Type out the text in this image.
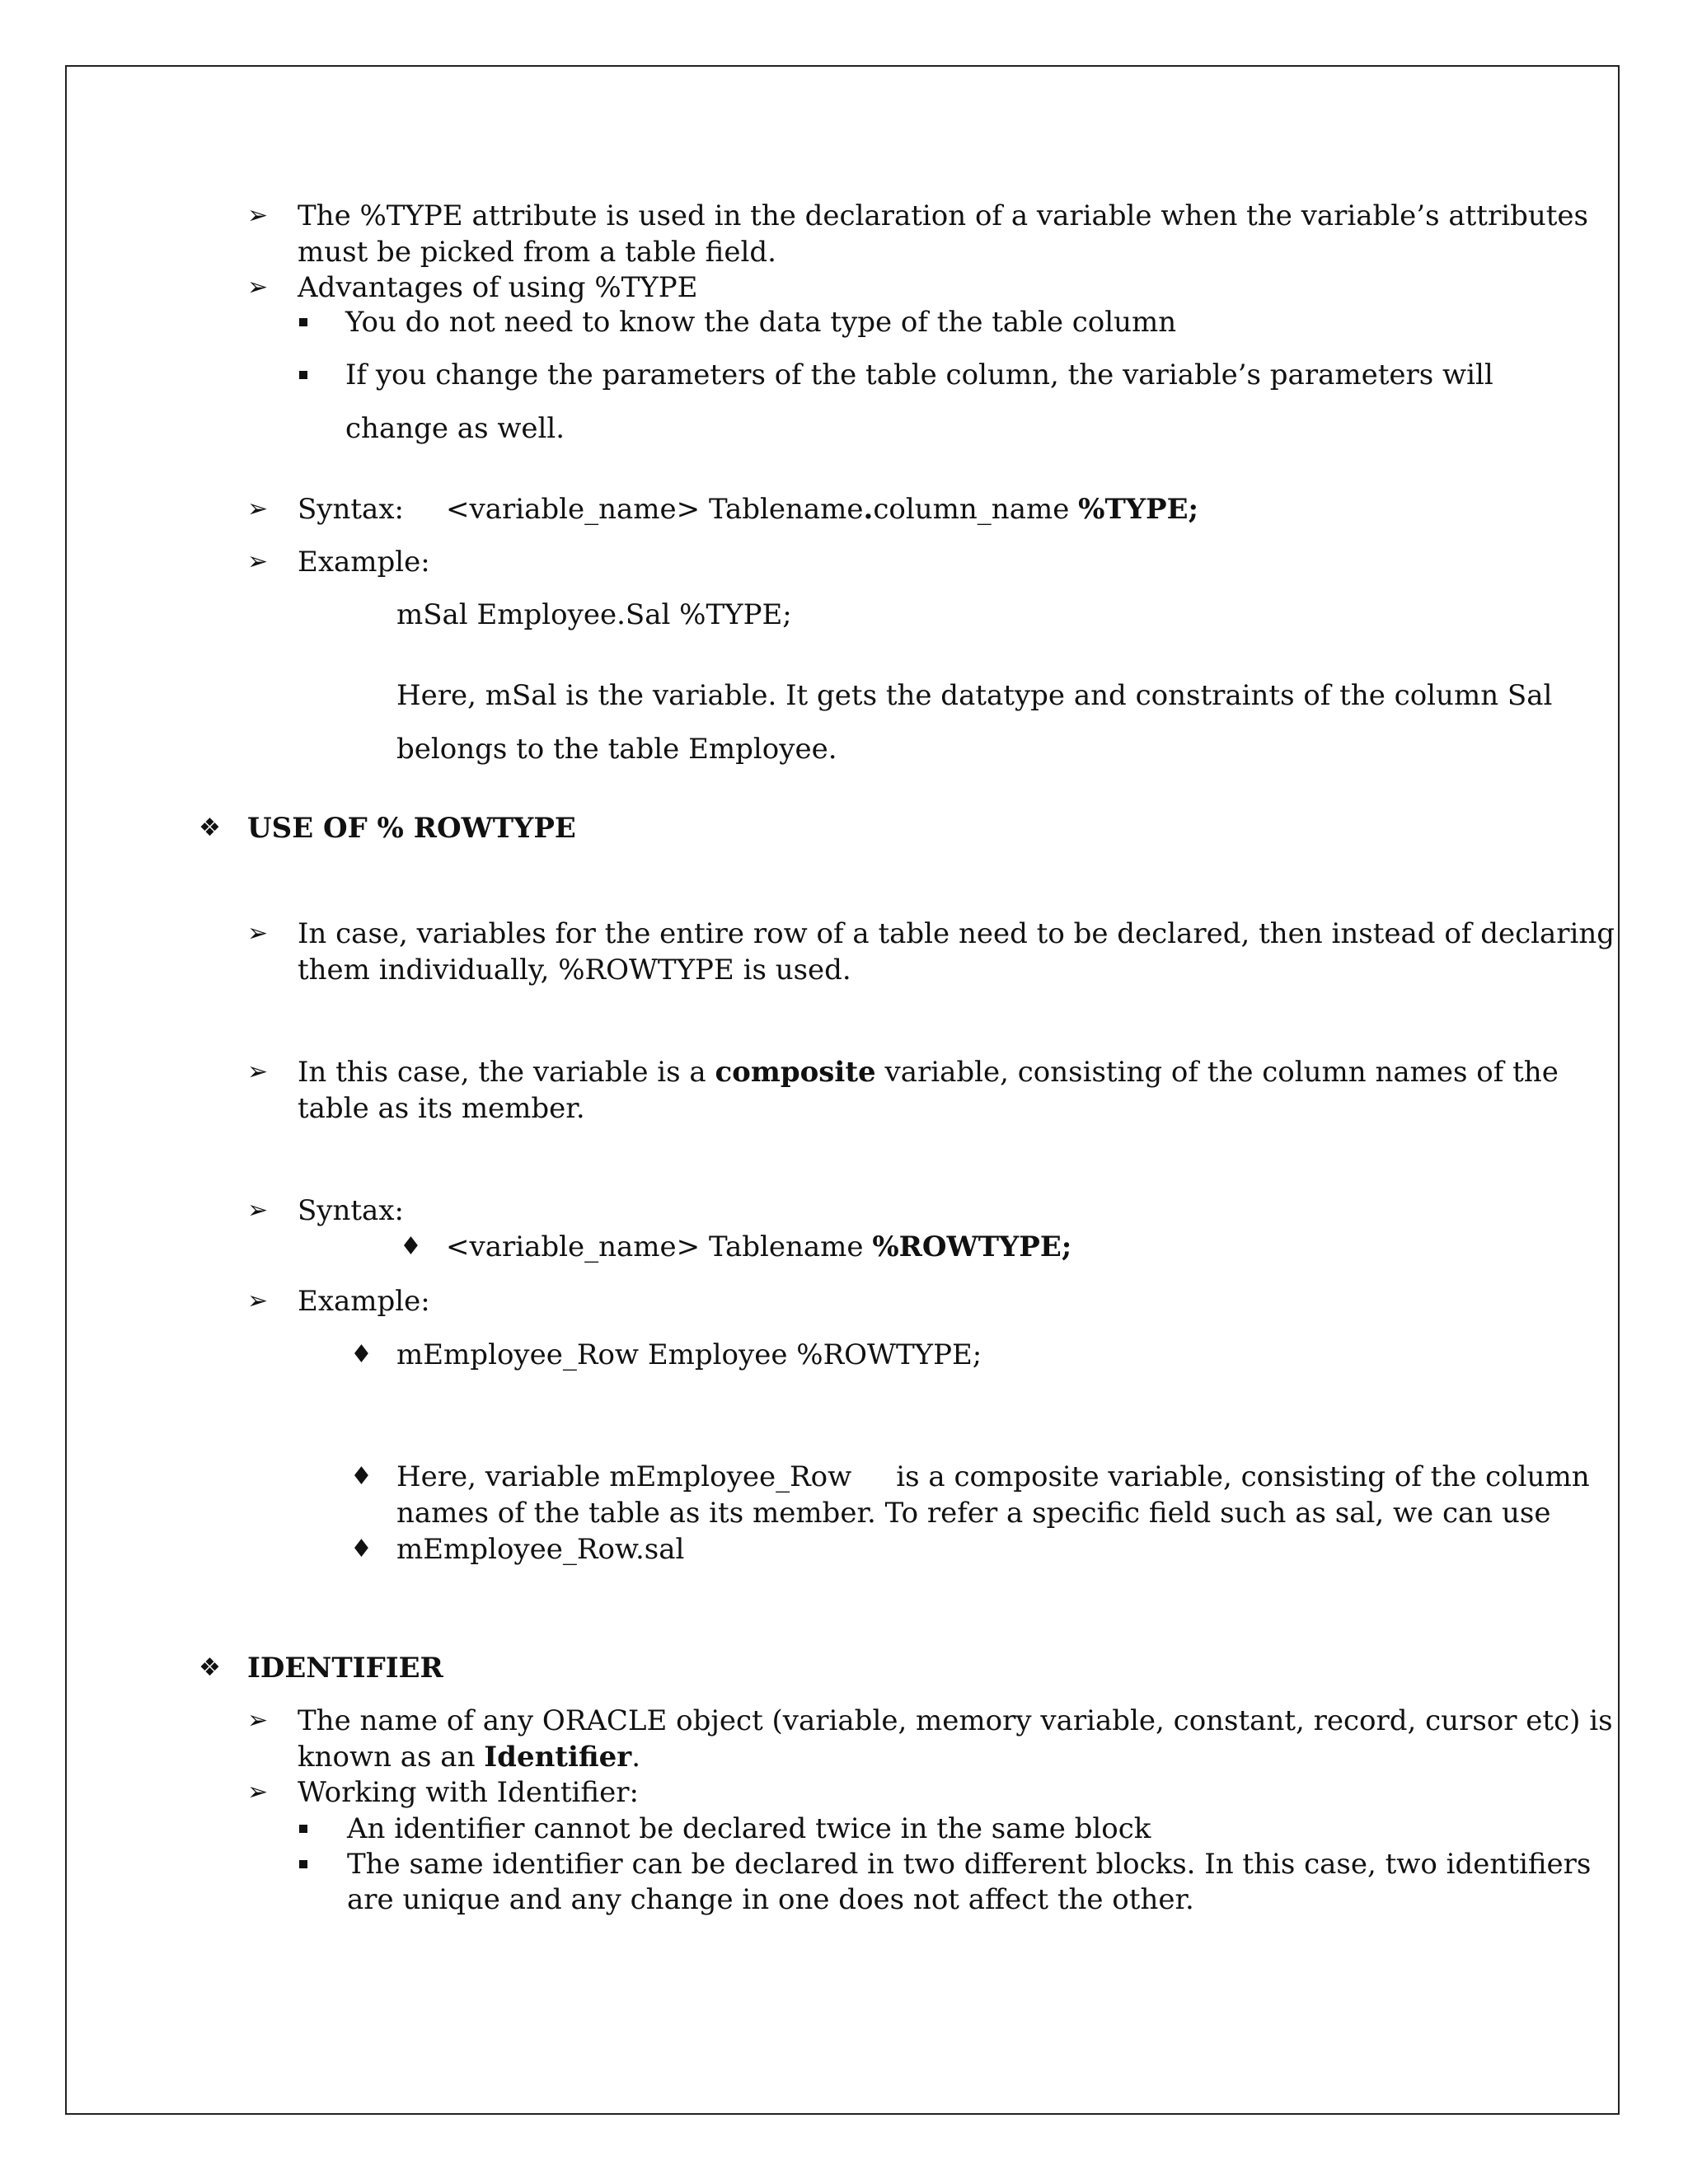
➢ The %TYPE attribute is used in the declaration of a variable when the variable’s attributes
must be picked from a table field.
➢ Advantages of using %TYPE
You do not need to know the data type of the table column
If you change the parameters of the table column, the variable’s parameters will
change as well.
➢ Syntax: <variable_name> Tablename.column_name %TYPE;
➢ Example:
mSal Employee.Sal %TYPE;
Here, mSal is the variable. It gets the datatype and constraints of the column Sal
belongs to the table Employee.
❖ USE OF % ROWTYPE
➢ In case, variables for the entire row of a table need to be declared, then instead of declaring
them individually, %ROWTYPE is used.
➢ In this case, the variable is a composite variable, consisting of the column names of the
table as its member.
➢ Syntax:
♦ <variable_name> Tablename %ROWTYPE;
➢ Example:
♦ mEmployee_Row Employee %ROWTYPE;
♦ Here, variable mEmployee_Row     is a composite variable, consisting of the column
names of the table as its member. To refer a specific field such as sal, we can use
♦ mEmployee_Row.sal
❖ IDENTIFIER
➢ The name of any ORACLE object (variable, memory variable, constant, record, cursor etc) is
known as an Identifier.
➢ Working with Identifier:
An identifier cannot be declared twice in the same block
The same identifier can be declared in two different blocks. In this case, two identifiers
are unique and any change in one does not affect the other.
